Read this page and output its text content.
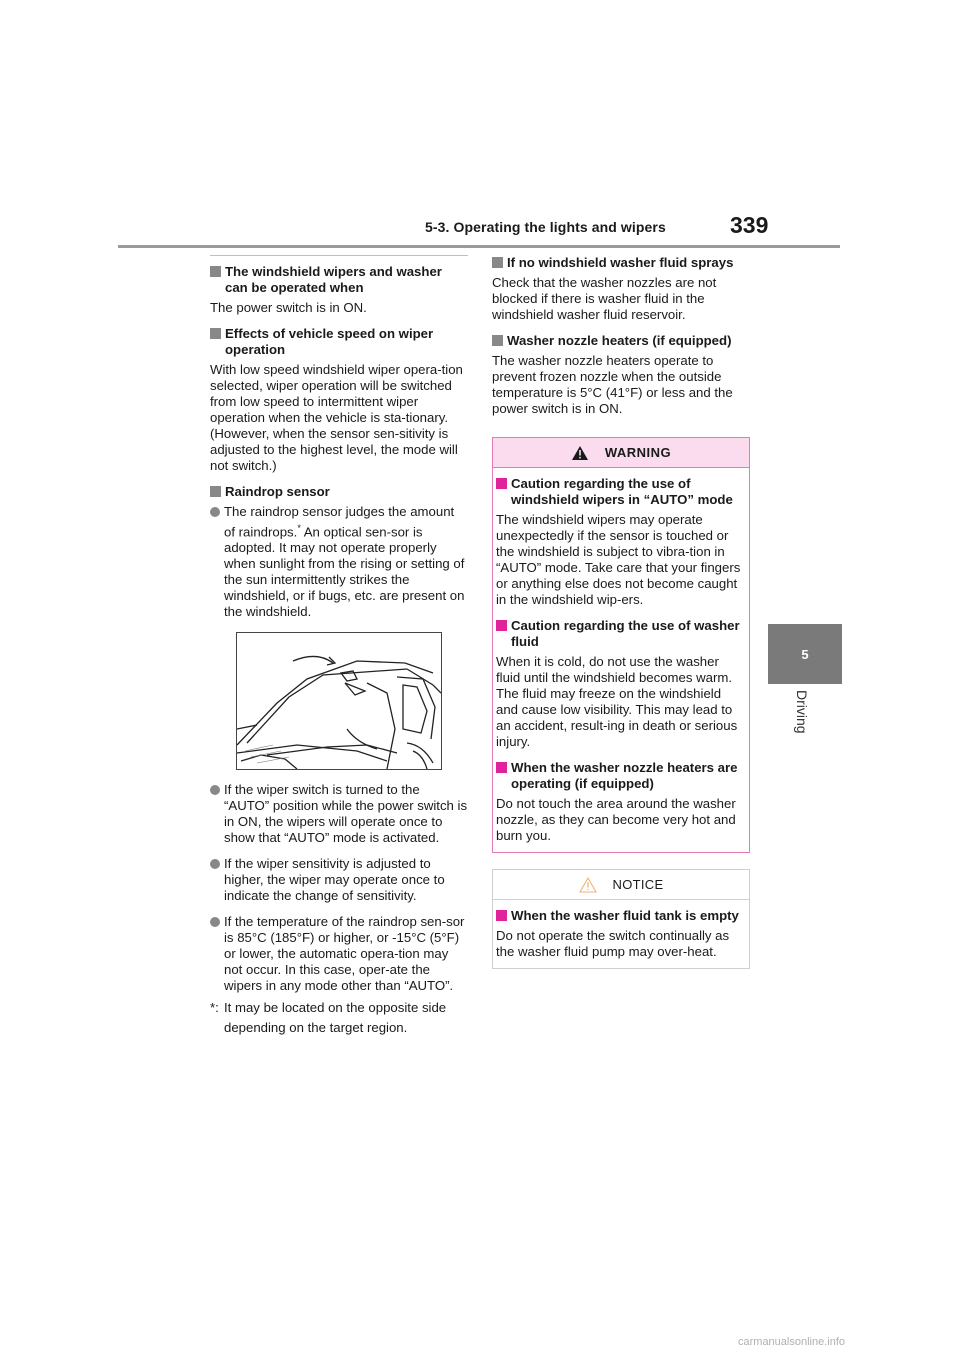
5-3. Operating the lights and wipers	339
5
Driving
The windshield wipers and washer can be operated when
The power switch is in ON.
Effects of vehicle speed on wiper operation
With low speed windshield wiper opera-tion selected, wiper operation will be switched from low speed to intermittent wiper operation when the vehicle is sta-tionary. (However, when the sensor sen-sitivity is adjusted to the highest level, the mode will not switch.)
Raindrop sensor
The raindrop sensor judges the amount of raindrops.* An optical sen-sor is adopted. It may not operate properly when sunlight from the rising or setting of the sun intermittently strikes the windshield, or if bugs, etc. are present on the windshield.
If the wiper switch is turned to the “AUTO” position while the power switch is in ON, the wipers will operate once to show that “AUTO” mode is activated.
If the wiper sensitivity is adjusted to higher, the wiper may operate once to indicate the change of sensitivity.
If the temperature of the raindrop sen-sor is 85°C (185°F) or higher, or -15°C (5°F) or lower, the automatic opera-tion may not occur. In this case, oper-ate the wipers in any mode other than “AUTO”.
*: It may be located on the opposite side depending on the target region.
If no windshield washer fluid sprays
Check that the washer nozzles are not blocked if there is washer fluid in the windshield washer fluid reservoir.
Washer nozzle heaters (if equipped)
The washer nozzle heaters operate to prevent frozen nozzle when the outside temperature is 5°C (41°F) or less and the power switch is in ON.
WARNING
Caution regarding the use of windshield wipers in “AUTO” mode
The windshield wipers may operate unexpectedly if the sensor is touched or the windshield is subject to vibra-tion in “AUTO” mode. Take care that your fingers or anything else does not become caught in the windshield wip-ers.
Caution regarding the use of washer fluid
When it is cold, do not use the washer fluid until the windshield becomes warm. The fluid may freeze on the windshield and cause low visibility. This may lead to an accident, result-ing in death or serious injury.
When the washer nozzle heaters are operating (if equipped)
Do not touch the area around the washer nozzle, as they can become very hot and burn you.
NOTICE
When the washer fluid tank is empty
Do not operate the switch continually as the washer fluid pump may over-heat.
carmanualsonline.info
